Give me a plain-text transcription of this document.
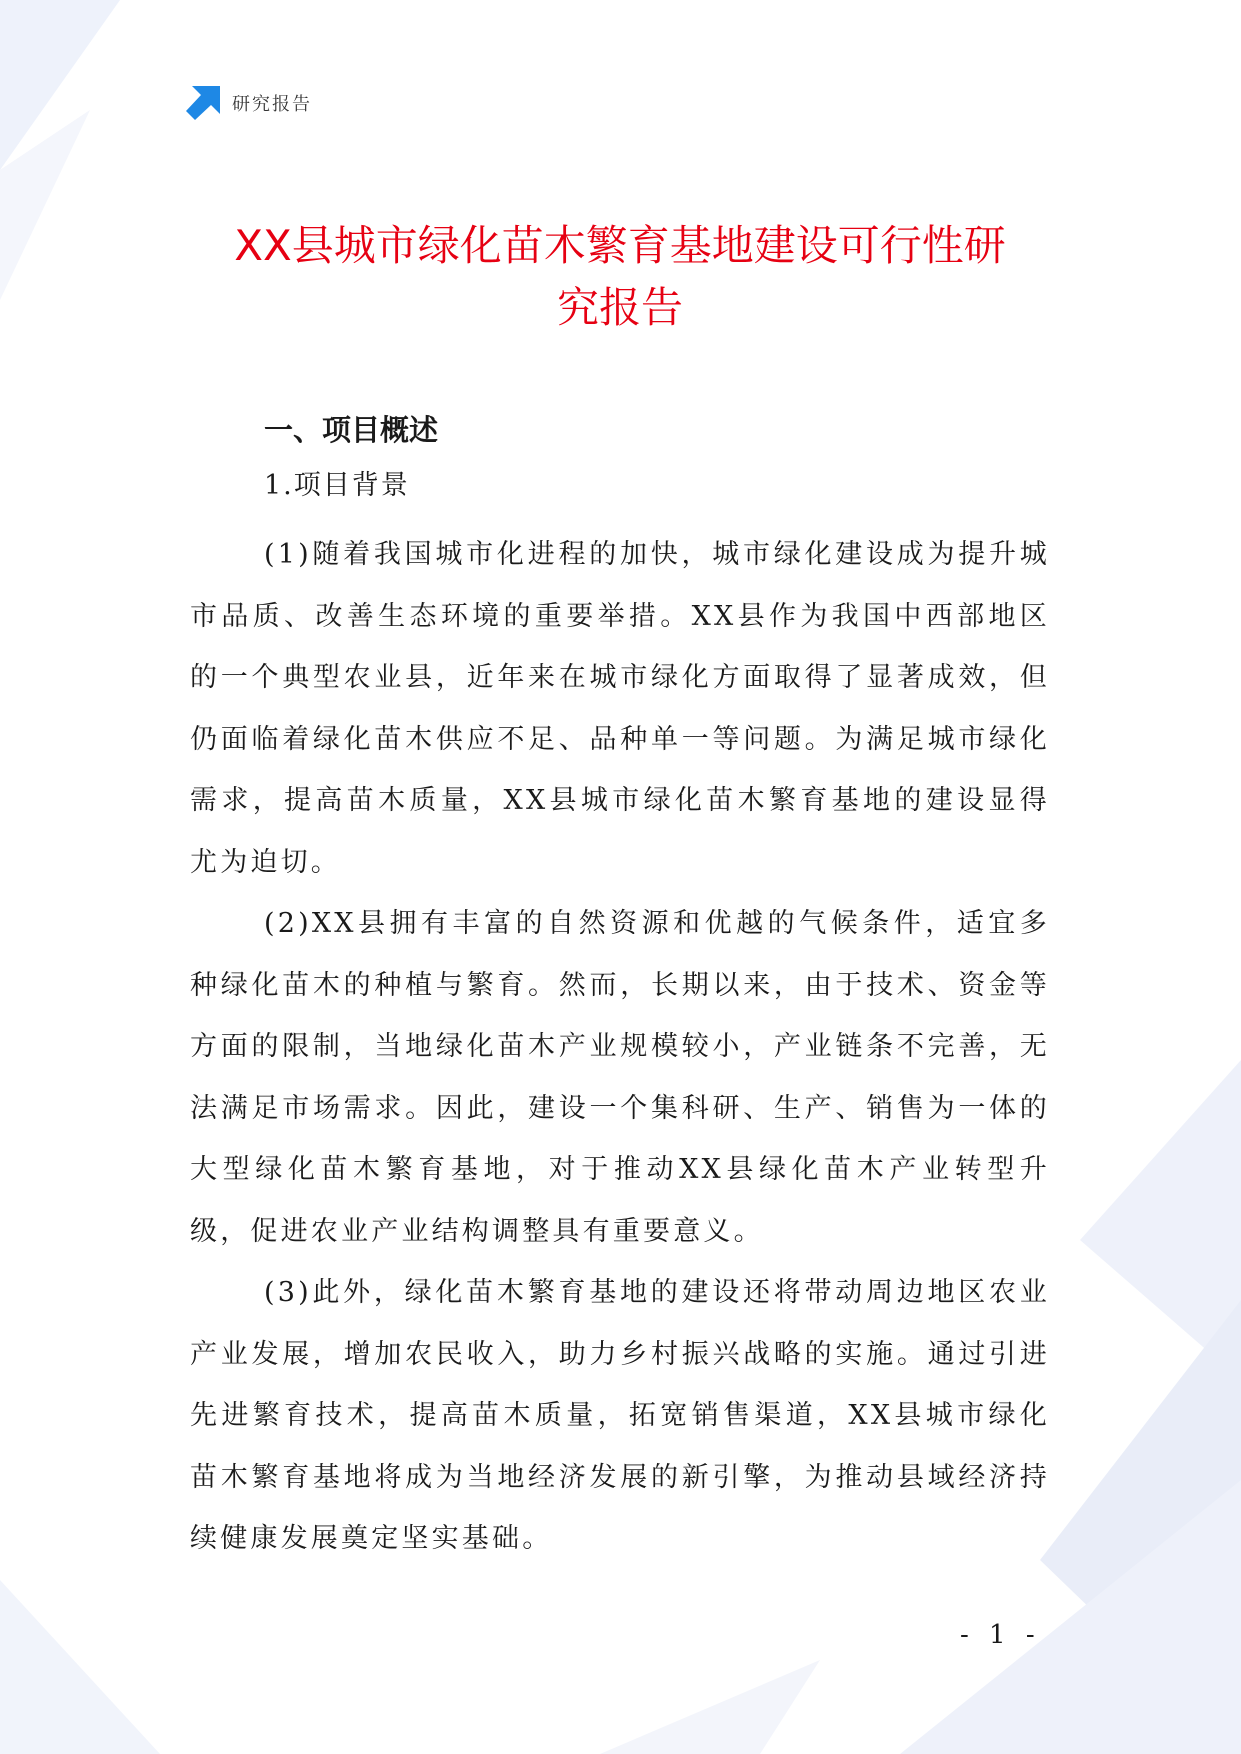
研究报告
XX县城市绿化苗木繁育基地建设可行性研
究报告
一、项目概述
1.项目背景

(1)随着我国城市化进程的加快，城市绿化建设成为提升城市品质、改善生态环境的重要举措。XX县作为我国中西部地区的一个典型农业县，近年来在城市绿化方面取得了显著成效，但仍面临着绿化苗木供应不足、品种单一等问题。为满足城市绿化需求，提高苗木质量，XX县城市绿化苗木繁育基地的建设显得尤为迫切。

(2)XX县拥有丰富的自然资源和优越的气候条件，适宜多种绿化苗木的种植与繁育。然而，长期以来，由于技术、资金等方面的限制，当地绿化苗木产业规模较小，产业链条不完善，无法满足市场需求。因此，建设一个集科研、生产、销售为一体的大型绿化苗木繁育基地，对于推动XX县绿化苗木产业转型升级，促进农业产业结构调整具有重要意义。

(3)此外，绿化苗木繁育基地的建设还将带动周边地区农业产业发展，增加农民收入，助力乡村振兴战略的实施。通过引进先进繁育技术，提高苗木质量，拓宽销售渠道，XX县城市绿化苗木繁育基地将成为当地经济发展的新引擎，为推动县域经济持续健康发展奠定坚实基础。

- 1 -
